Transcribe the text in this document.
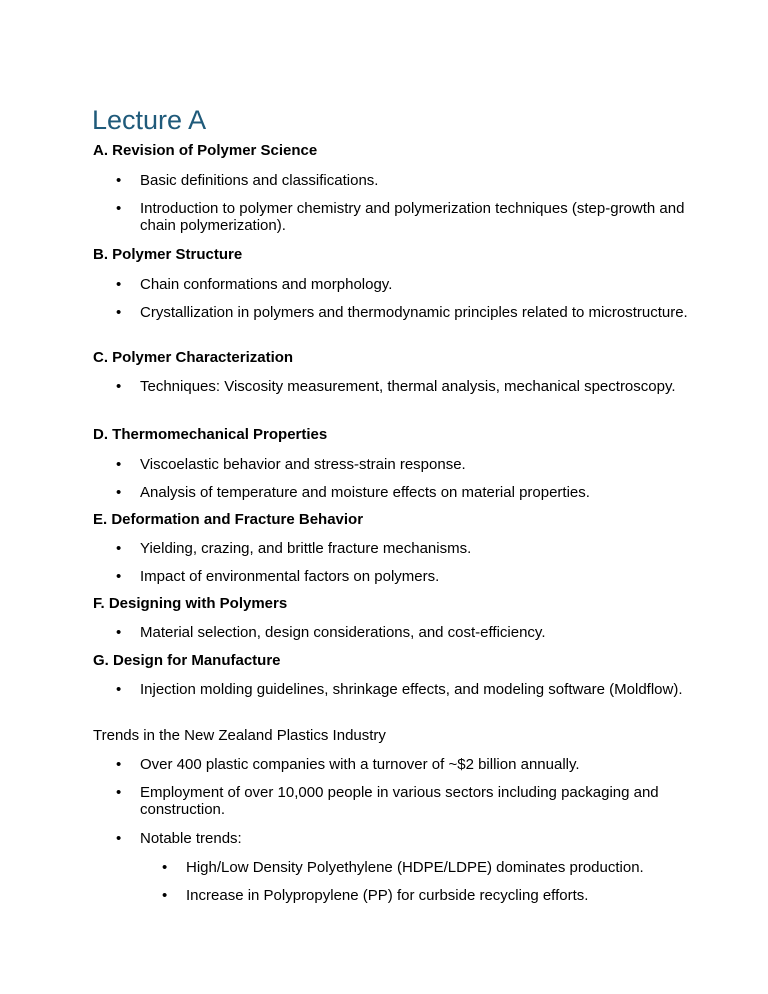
Lecture A
A. Revision of Polymer Science
• Basic definitions and classifications.
• Introduction to polymer chemistry and polymerization techniques (step-growth and chain polymerization).
B. Polymer Structure
• Chain conformations and morphology.
• Crystallization in polymers and thermodynamic principles related to microstructure.
C. Polymer Characterization
• Techniques: Viscosity measurement, thermal analysis, mechanical spectroscopy.
D. Thermomechanical Properties
• Viscoelastic behavior and stress-strain response.
• Analysis of temperature and moisture effects on material properties.
E. Deformation and Fracture Behavior
• Yielding, crazing, and brittle fracture mechanisms.
• Impact of environmental factors on polymers.
F. Designing with Polymers
• Material selection, design considerations, and cost-efficiency.
G. Design for Manufacture
• Injection molding guidelines, shrinkage effects, and modeling software (Moldflow).
Trends in the New Zealand Plastics Industry
• Over 400 plastic companies with a turnover of ~$2 billion annually.
• Employment of over 10,000 people in various sectors including packaging and construction.
• Notable trends:
• High/Low Density Polyethylene (HDPE/LDPE) dominates production.
• Increase in Polypropylene (PP) for curbside recycling efforts.
